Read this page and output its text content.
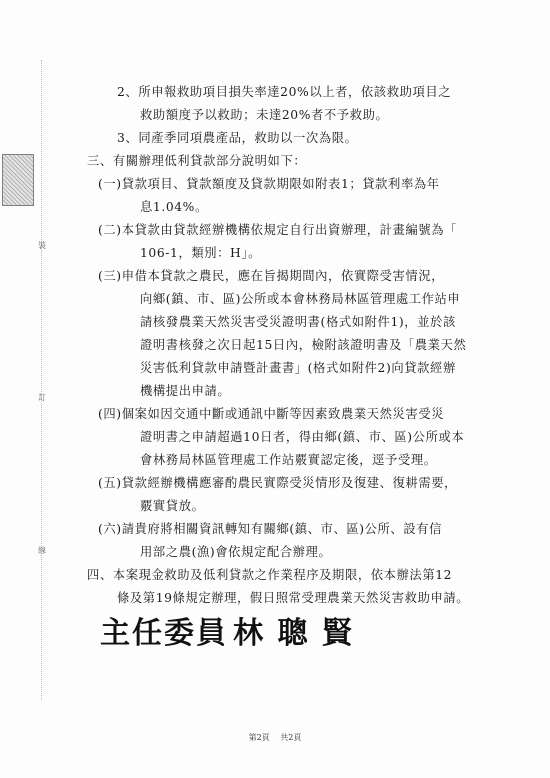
裝
訂
線
2、所申報救助項目損失率達20%以上者，依該救助項目之
救助額度予以救助；未達20%者不予救助。
3、同產季同項農產品，救助以一次為限。
三、有關辦理低利貸款部分說明如下：
(一)貸款項目、貸款額度及貸款期限如附表1；貸款利率為年
息1.04%。
(二)本貸款由貸款經辦機構依規定自行出資辦理，計畫編號為「
106-1，類別：H」。
(三)申借本貸款之農民，應在旨揭期間內，依實際受害情況，
向鄉(鎮、市、區)公所或本會林務局林區管理處工作站申
請核發農業天然災害受災證明書(格式如附件1)，並於該
證明書核發之次日起15日內，檢附該證明書及「農業天然
災害低利貸款申請暨計畫書」(格式如附件2)向貸款經辦
機構提出申請。
(四)個案如因交通中斷或通訊中斷等因素致農業天然災害受災
證明書之申請超過10日者，得由鄉(鎮、市、區)公所或本
會林務局林區管理處工作站覈實認定後，逕予受理。
(五)貸款經辦機構應審酌農民實際受災情形及復建、復耕需要，
覈實貸放。
(六)請貴府將相關資訊轉知有關鄉(鎮、市、區)公所、設有信
用部之農(漁)會依規定配合辦理。
四、本案現金救助及低利貸款之作業程序及期限，依本辦法第12
條及第19條規定辦理，假日照常受理農業天然災害救助申請。
主任委員 林 聰 賢
第2頁 共2頁
